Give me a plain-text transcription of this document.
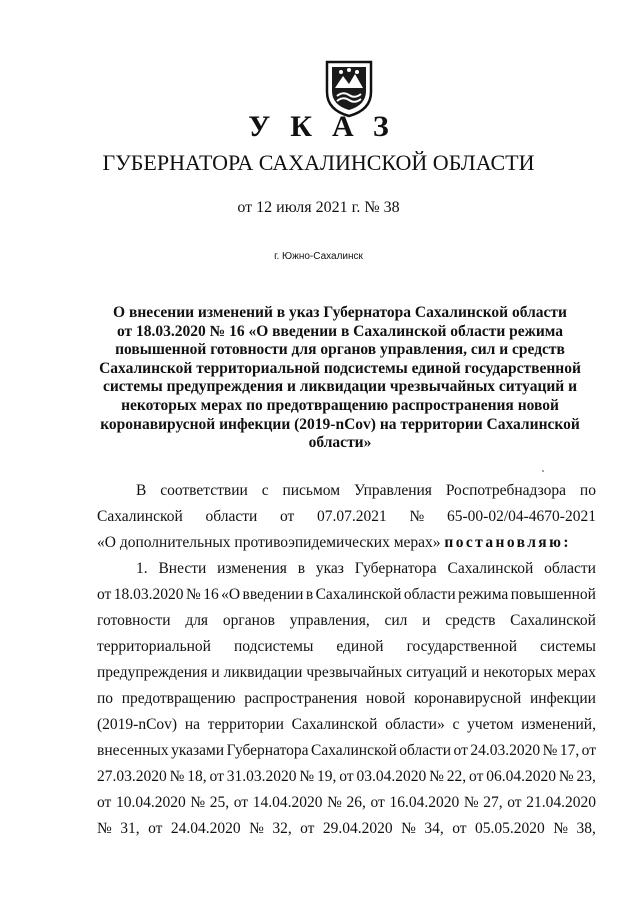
УКАЗ
ГУБЕРНАТОРА САХАЛИНСКОЙ ОБЛАСТИ
от 12 июля 2021 г. № 38
г. Южно-Сахалинск
О внесении изменений в указ Губернатора Сахалинской области
от 18.03.2020 № 16 «О введении в Сахалинской области режима
повышенной готовности для органов управления, сил и средств
Сахалинской территориальной подсистемы единой государственной
системы предупреждения и ликвидации чрезвычайных ситуаций и
некоторых мерах по предотвращению распространения новой
коронавирусной инфекции (2019-nCov) на территории Сахалинской
области»
В соответствии с письмом Управления Роспотребнадзора по
Сахалинской области от 07.07.2021 № 65-00-02/04-4670-2021
«О дополнительных противоэпидемических мерах»
постановляю:
1. Внести изменения в указ Губернатора Сахалинской области
от 18.03.2020 № 16 «О введении в Сахалинской области режима повышенной
готовности для органов управления, сил и средств Сахалинской
территориальной подсистемы единой государственной системы
предупреждения и ликвидации чрезвычайных ситуаций и некоторых мерах
по предотвращению распространения новой коронавирусной инфекции
(2019-nCov) на территории Сахалинской области» с учетом изменений,
внесенных указами Губернатора Сахалинской области от 24.03.2020 № 17, от
27.03.2020 № 18, от 31.03.2020 № 19, от 03.04.2020 № 22, от 06.04.2020 № 23,
от 10.04.2020 № 25, от 14.04.2020 № 26, от 16.04.2020 № 27, от 21.04.2020
№ 31, от 24.04.2020 № 32, от 29.04.2020 № 34, от 05.05.2020 № 38,
